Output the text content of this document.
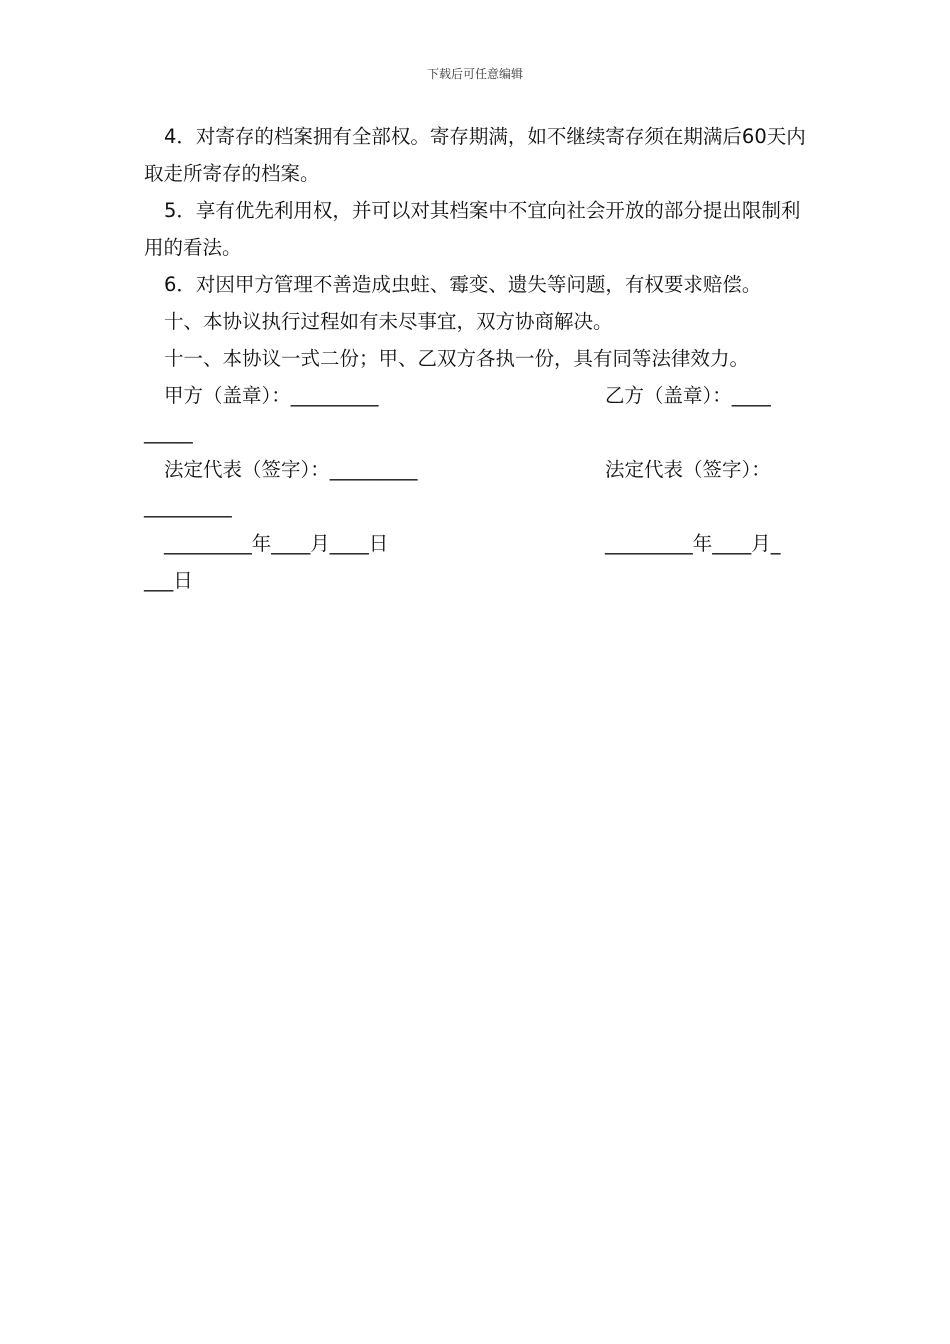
下载后可任意编辑

4．对寄存的档案拥有全部权。寄存期满，如不继续寄存须在期满后60天内取走所寄存的档案。

5．享有优先利用权，并可以对其档案中不宜向社会开放的部分提出限制利用的看法。

6．对因甲方管理不善造成虫蛀、霉变、遗失等问题，有权要求赔偿。

十、本协议执行过程如有未尽事宜，双方协商解决。

十一、本协议一式二份；甲、乙双方各执一份，具有同等法律效力。

甲方（盖章）：_________	乙方（盖章）：____
_____
法定代表（签字）：_________	法定代表（签字）：
_________
_________年____月____日	_________年____月_
___日
